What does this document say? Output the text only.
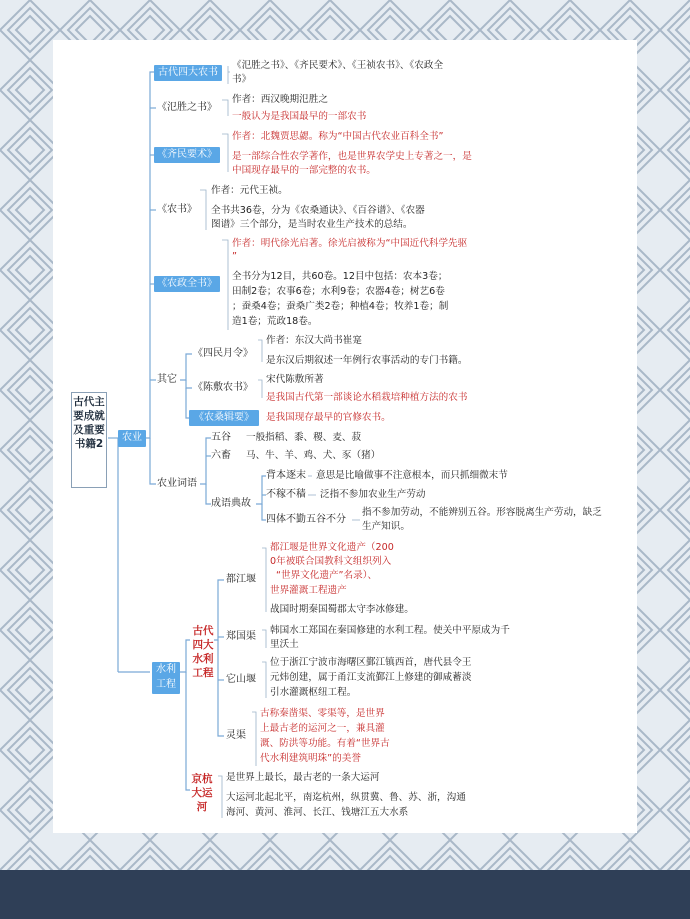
古代主要成就及重要书籍2
农业
水利工程
古代四大农书
《氾胜之书》、《齐民要术》、《王祯农书》、《农政全
书》
《氾胜之书》
作者：西汉晚期氾胜之
一般认为是我国最早的一部农书
《齐民要术》
作者：北魏贾思勰。称为“中国古代农业百科全书”
是一部综合性农学著作，也是世界农学史上专著之一，是
中国现存最早的一部完整的农书。
《农书》
作者：元代王祯。
全书共36卷，分为《农桑通诀》、《百谷谱》、《农器
图谱》三个部分，是当时农业生产技术的总结。
《农政全书》
作者：明代徐光启著。徐光启被称为“中国近代科学先驱
”
全书分为12目，共60卷。12目中包括：农本3卷；
田制2卷；农事6卷；水利9卷；农器4卷；树艺6卷
；蚕桑4卷；蚕桑广类2卷；种植4卷；牧养1卷；制
造1卷；荒政18卷。
其它
《四民月令》
作者：东汉大尚书崔寔
是东汉后期叙述一年例行农事活动的专门书籍。
《陈敷农书》
宋代陈敷所著
是我国古代第一部谈论水稻栽培种植方法的农书
《农桑辑要》	是我国现存最早的官修农书。
农业词语
五谷 一般指稻、黍、稷、麦、菽
六畜 马、牛、羊、鸡、犬、豕（猪）
成语典故
背本逐末 意思是比喻做事不注意根本，而只抓细微末节
不稼不穑 泛指不参加农业生产劳动
四体不勤五谷不分
指不参加劳动，不能辨别五谷。形容脱离生产劳动，缺乏
生产知识。
古代四大水利工程
都江堰
都江堰是世界文化遗产（200
0年被联合国教科文组织列入
“世界文化遗产”名录）、
世界灌溉工程遗产
战国时期秦国蜀郡太守李冰修建。
郑国渠
韩国水工郑国在秦国修建的水利工程。使关中平原成为千
里沃土
它山堰
位于浙江宁波市海曙区鄞江镇西首，唐代县令王
元炜创建，属于甬江支流鄞江上修建的御咸蓄淡
引水灌溉枢纽工程。
灵渠
古称秦凿渠、零渠等，是世界
上最古老的运河之一，兼具灌
溉、防洪等功能。有着“世界古
代水利建筑明珠”的美誉
京杭大运河
是世界上最长，最古老的一条大运河
大运河北起北平，南迄杭州，纵贯冀、鲁、苏、浙，沟通
海河、黄河、淮河、长江、钱塘江五大水系
